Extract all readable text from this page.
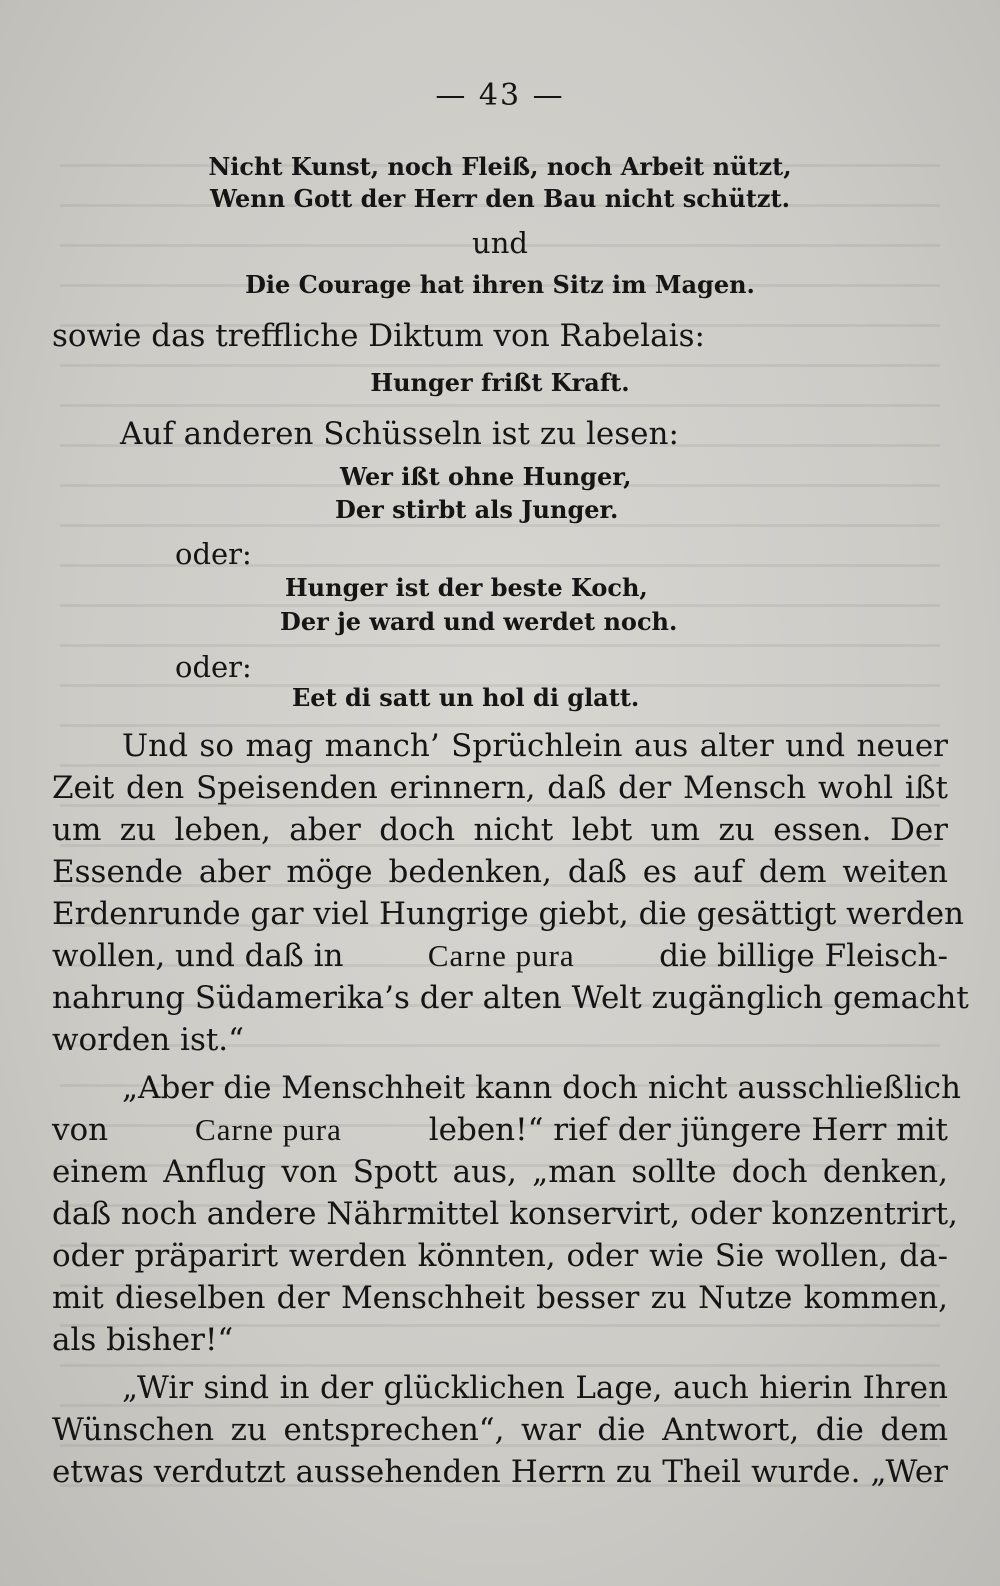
— 43 —
Nicht Kunst, noch Fleiß, noch Arbeit nützt,
Wenn Gott der Herr den Bau nicht schützt.
und
Die Courage hat ihren Sitz im Magen.
sowie das treffliche Diktum von Rabelais:
Hunger frißt Kraft.
Auf anderen Schüsseln ist zu lesen:
Wer ißt ohne Hunger,
Der stirbt als Junger.
oder:
Hunger ist der beste Koch,
Der je ward und werdet noch.
oder:
Eet di satt un hol di glatt.
Und so mag manch’ Sprüchlein aus alter und neuer
Zeit den Speisenden erinnern, daß der Mensch wohl ißt
um zu leben, aber doch nicht lebt um zu essen. Der
Essende aber möge bedenken, daß es auf dem weiten
Erdenrunde gar viel Hungrige giebt, die gesättigt werden
wollen, und daß in	Carne pura	die billige Fleisch-
nahrung Südamerika’s der alten Welt zugänglich gemacht
worden ist.“
„Aber die Menschheit kann doch nicht ausschließlich
von	Carne pura	leben!“ rief der jüngere Herr mit
einem Anflug von Spott aus, „man sollte doch denken,
daß noch andere Nährmittel konservirt, oder konzentrirt,
oder präparirt werden könnten, oder wie Sie wollen, da-
mit dieselben der Menschheit besser zu Nutze kommen,
als bisher!“
„Wir sind in der glücklichen Lage, auch hierin Ihren
Wünschen zu entsprechen“, war die Antwort, die dem
etwas verdutzt aussehenden Herrn zu Theil wurde. „Wer
